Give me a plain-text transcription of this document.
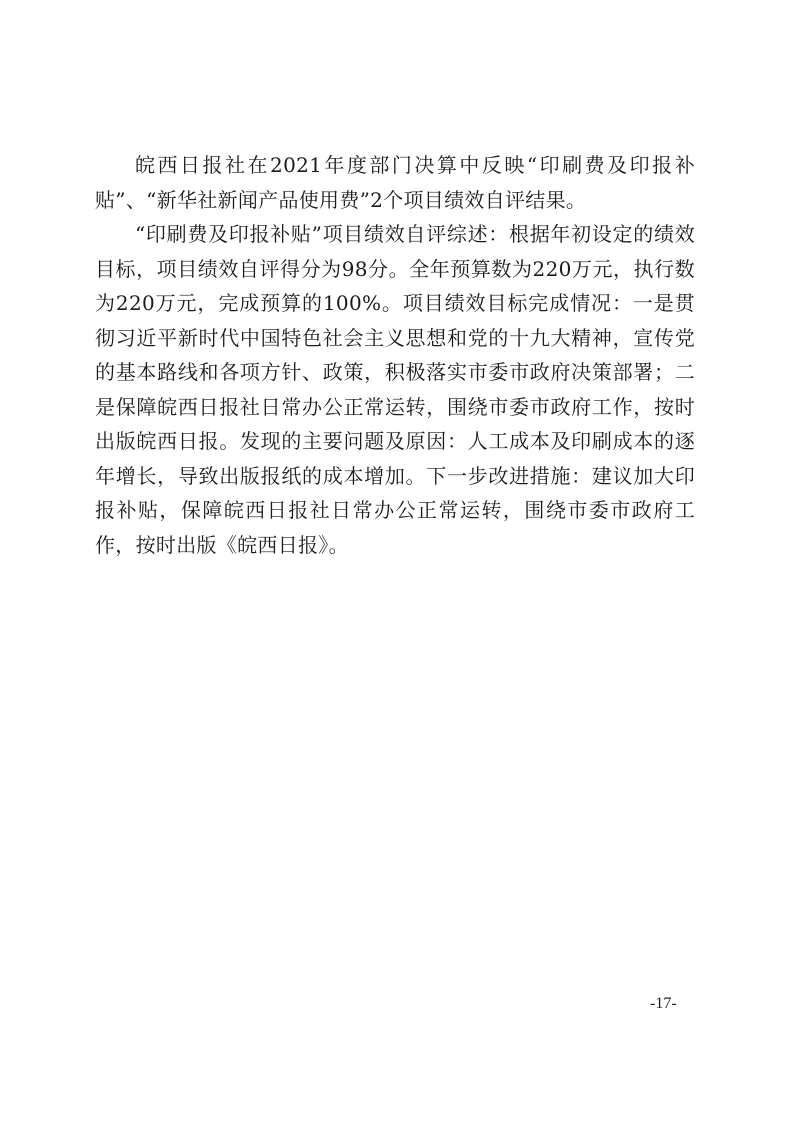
皖西日报社在2021年度部门决算中反映“印刷费及印报补贴”、“新华社新闻产品使用费”2个项目绩效自评结果。

“印刷费及印报补贴”项目绩效自评综述：根据年初设定的绩效目标，项目绩效自评得分为98分。全年预算数为220万元，执行数为220万元，完成预算的100%。项目绩效目标完成情况：一是贯彻习近平新时代中国特色社会主义思想和党的十九大精神，宣传党的基本路线和各项方针、政策，积极落实市委市政府决策部署；二是保障皖西日报社日常办公正常运转，围绕市委市政府工作，按时出版皖西日报。发现的主要问题及原因：人工成本及印刷成本的逐年增长，导致出版报纸的成本增加。下一步改进措施：建议加大印报补贴，保障皖西日报社日常办公正常运转，围绕市委市政府工作，按时出版《皖西日报》。

-17-
